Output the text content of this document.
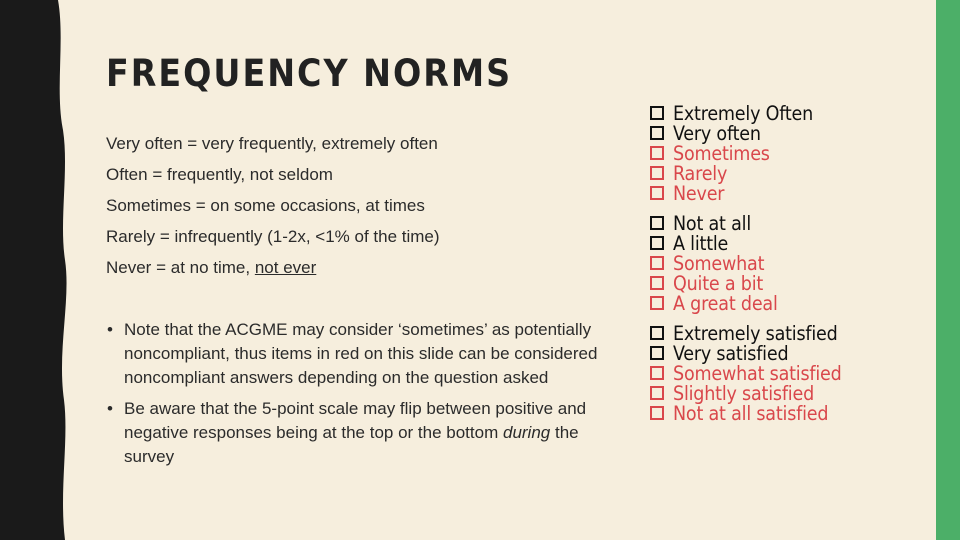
FREQUENCY NORMS
Very often = very frequently, extremely often
Often = frequently, not seldom
Sometimes = on some occasions, at times
Rarely = infrequently (1-2x, <1% of the time)
Never = at no time, not ever
• Note that the ACGME may consider ‘sometimes’ as potentially noncompliant, thus items in red on this slide can be considered noncompliant answers depending on the question asked
• Be aware that the 5-point scale may flip between positive and negative responses being at the top or the bottom during the survey
Extremely Often
Very often
Sometimes
Rarely
Never
Not at all
A little
Somewhat
Quite a bit
A great deal
Extremely satisfied
Very satisfied
Somewhat satisfied
Slightly satisfied
Not at all satisfied
